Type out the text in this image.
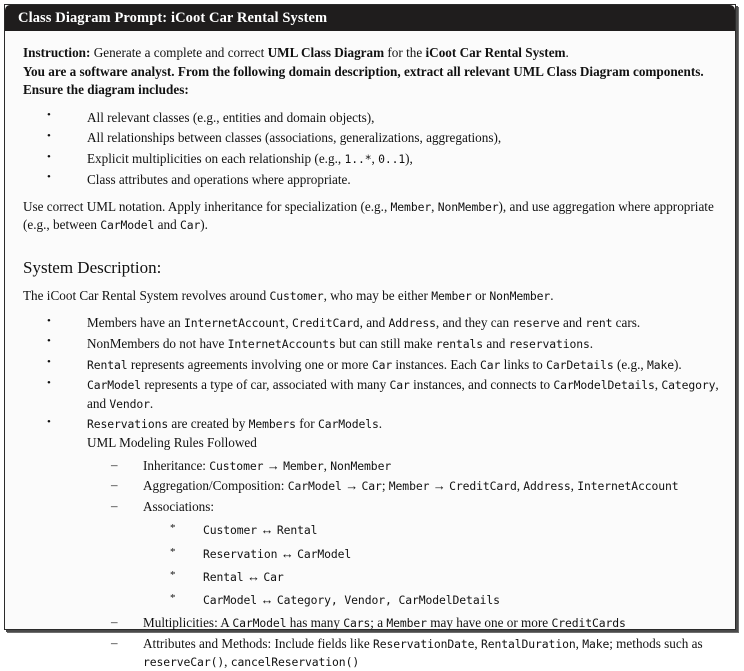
Class Diagram Prompt: iCoot Car Rental System

Instruction: Generate a complete and correct UML Class Diagram for the iCoot Car Rental System.

You are a software analyst. From the following domain description, extract all relevant UML Class Diagram components. Ensure the diagram includes:

•	All relevant classes (e.g., entities and domain objects),
•	All relationships between classes (associations, generalizations, aggregations),
•	Explicit multiplicities on each relationship (e.g., 1..*, 0..1),
•	Class attributes and operations where appropriate.

Use correct UML notation. Apply inheritance for specialization (e.g., Member, NonMember), and use aggregation where appropriate (e.g., between CarModel and Car).

System Description:

The iCoot Car Rental System revolves around Customer, who may be either Member or NonMember.

•	Members have an InternetAccount, CreditCard, and Address, and they can reserve and rent cars.
•	NonMembers do not have InternetAccounts but can still make rentals and reservations.
•	Rental represents agreements involving one or more Car instances. Each Car links to CarDetails (e.g., Make).
•	CarModel represents a type of car, associated with many Car instances, and connects to CarModelDetails, Category, and Vendor.
•	Reservations are created by Members for CarModels.
UML Modeling Rules Followed
– Inheritance: Customer → Member, NonMember
– Aggregation/Composition: CarModel → Car; Member → CreditCard, Address, InternetAccount
– Associations:
* Customer ↔ Rental
* Reservation ↔ CarModel
* Rental ↔ Car
* CarModel ↔ Category, Vendor, CarModelDetails
– Multiplicities: A CarModel has many Cars; a Member may have one or more CreditCards
– Attributes and Methods: Include fields like ReservationDate, RentalDuration, Make; methods such as
reserveCar(), cancelReservation()
